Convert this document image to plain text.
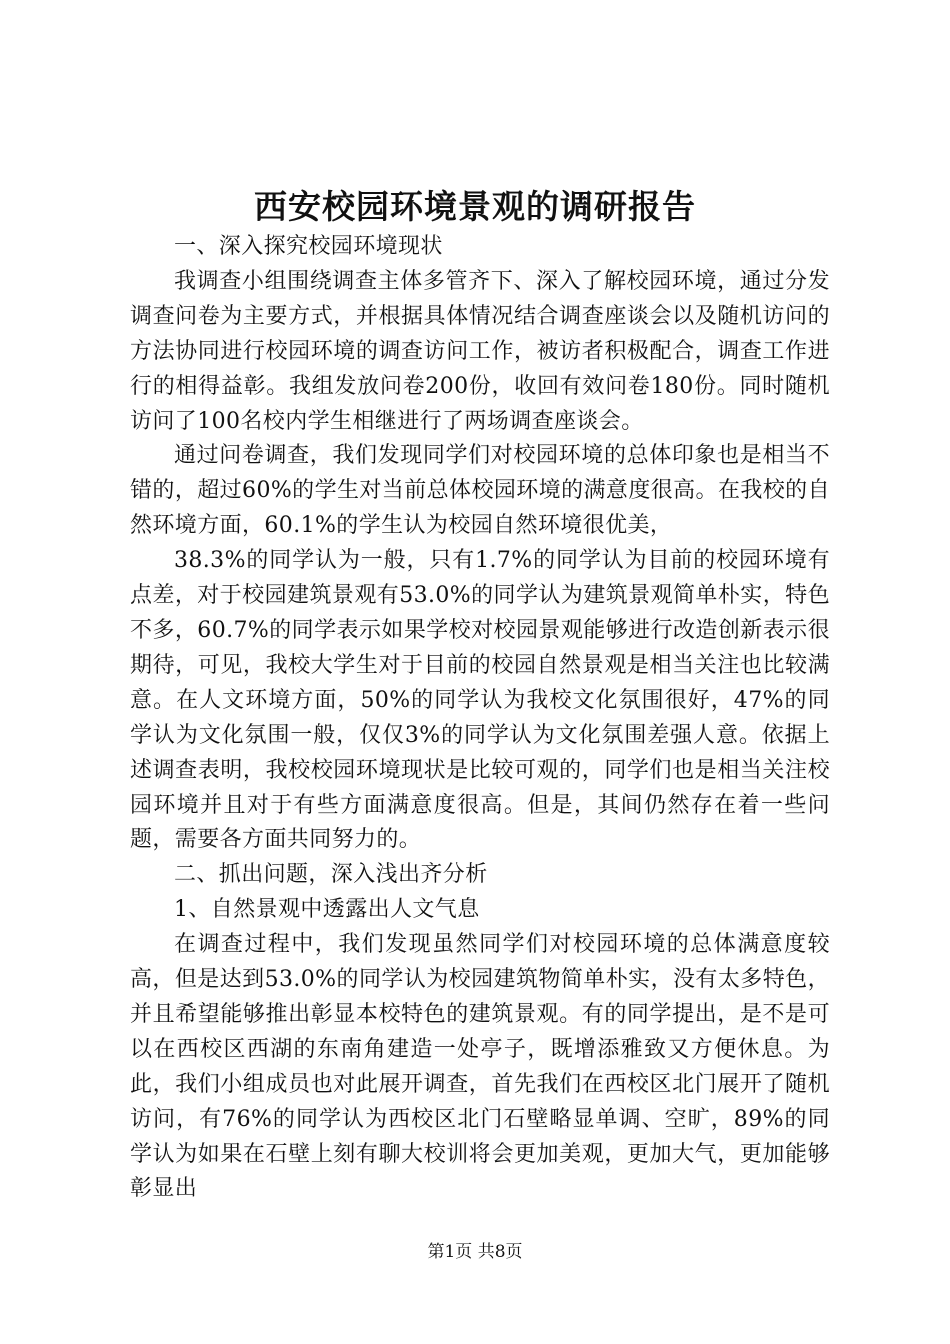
西安校园环境景观的调研报告

一、深入探究校园环境现状

我调查小组围绕调查主体多管齐下、深入了解校园环境，通过分发调查问卷为主要方式，并根据具体情况结合调查座谈会以及随机访问的方法协同进行校园环境的调查访问工作，被访者积极配合，调查工作进行的相得益彰。我组发放问卷200份，收回有效问卷180份。同时随机访问了100名校内学生相继进行了两场调查座谈会。

通过问卷调查，我们发现同学们对校园环境的总体印象也是相当不错的，超过60%的学生对当前总体校园环境的满意度很高。在我校的自然环境方面，60.1%的学生认为校园自然环境很优美，

38.3%的同学认为一般，只有1.7%的同学认为目前的校园环境有点差，对于校园建筑景观有53.0%的同学认为建筑景观简单朴实，特色不多，60.7%的同学表示如果学校对校园景观能够进行改造创新表示很期待，可见，我校大学生对于目前的校园自然景观是相当关注也比较满意。在人文环境方面，50%的同学认为我校文化氛围很好，47%的同学认为文化氛围一般，仅仅3%的同学认为文化氛围差强人意。依据上述调查表明，我校校园环境现状是比较可观的，同学们也是相当关注校园环境并且对于有些方面满意度很高。但是，其间仍然存在着一些问题，需要各方面共同努力的。

二、抓出问题，深入浅出齐分析

1、自然景观中透露出人文气息

在调查过程中，我们发现虽然同学们对校园环境的总体满意度较高，但是达到53.0%的同学认为校园建筑物简单朴实，没有太多特色，并且希望能够推出彰显本校特色的建筑景观。有的同学提出，是不是可以在西校区西湖的东南角建造一处亭子，既增添雅致又方便休息。为此，我们小组成员也对此展开调查，首先我们在西校区北门展开了随机访问，有76%的同学认为西校区北门石壁略显单调、空旷，89%的同学认为如果在石壁上刻有聊大校训将会更加美观，更加大气，更加能够彰显出

第1页 共8页
